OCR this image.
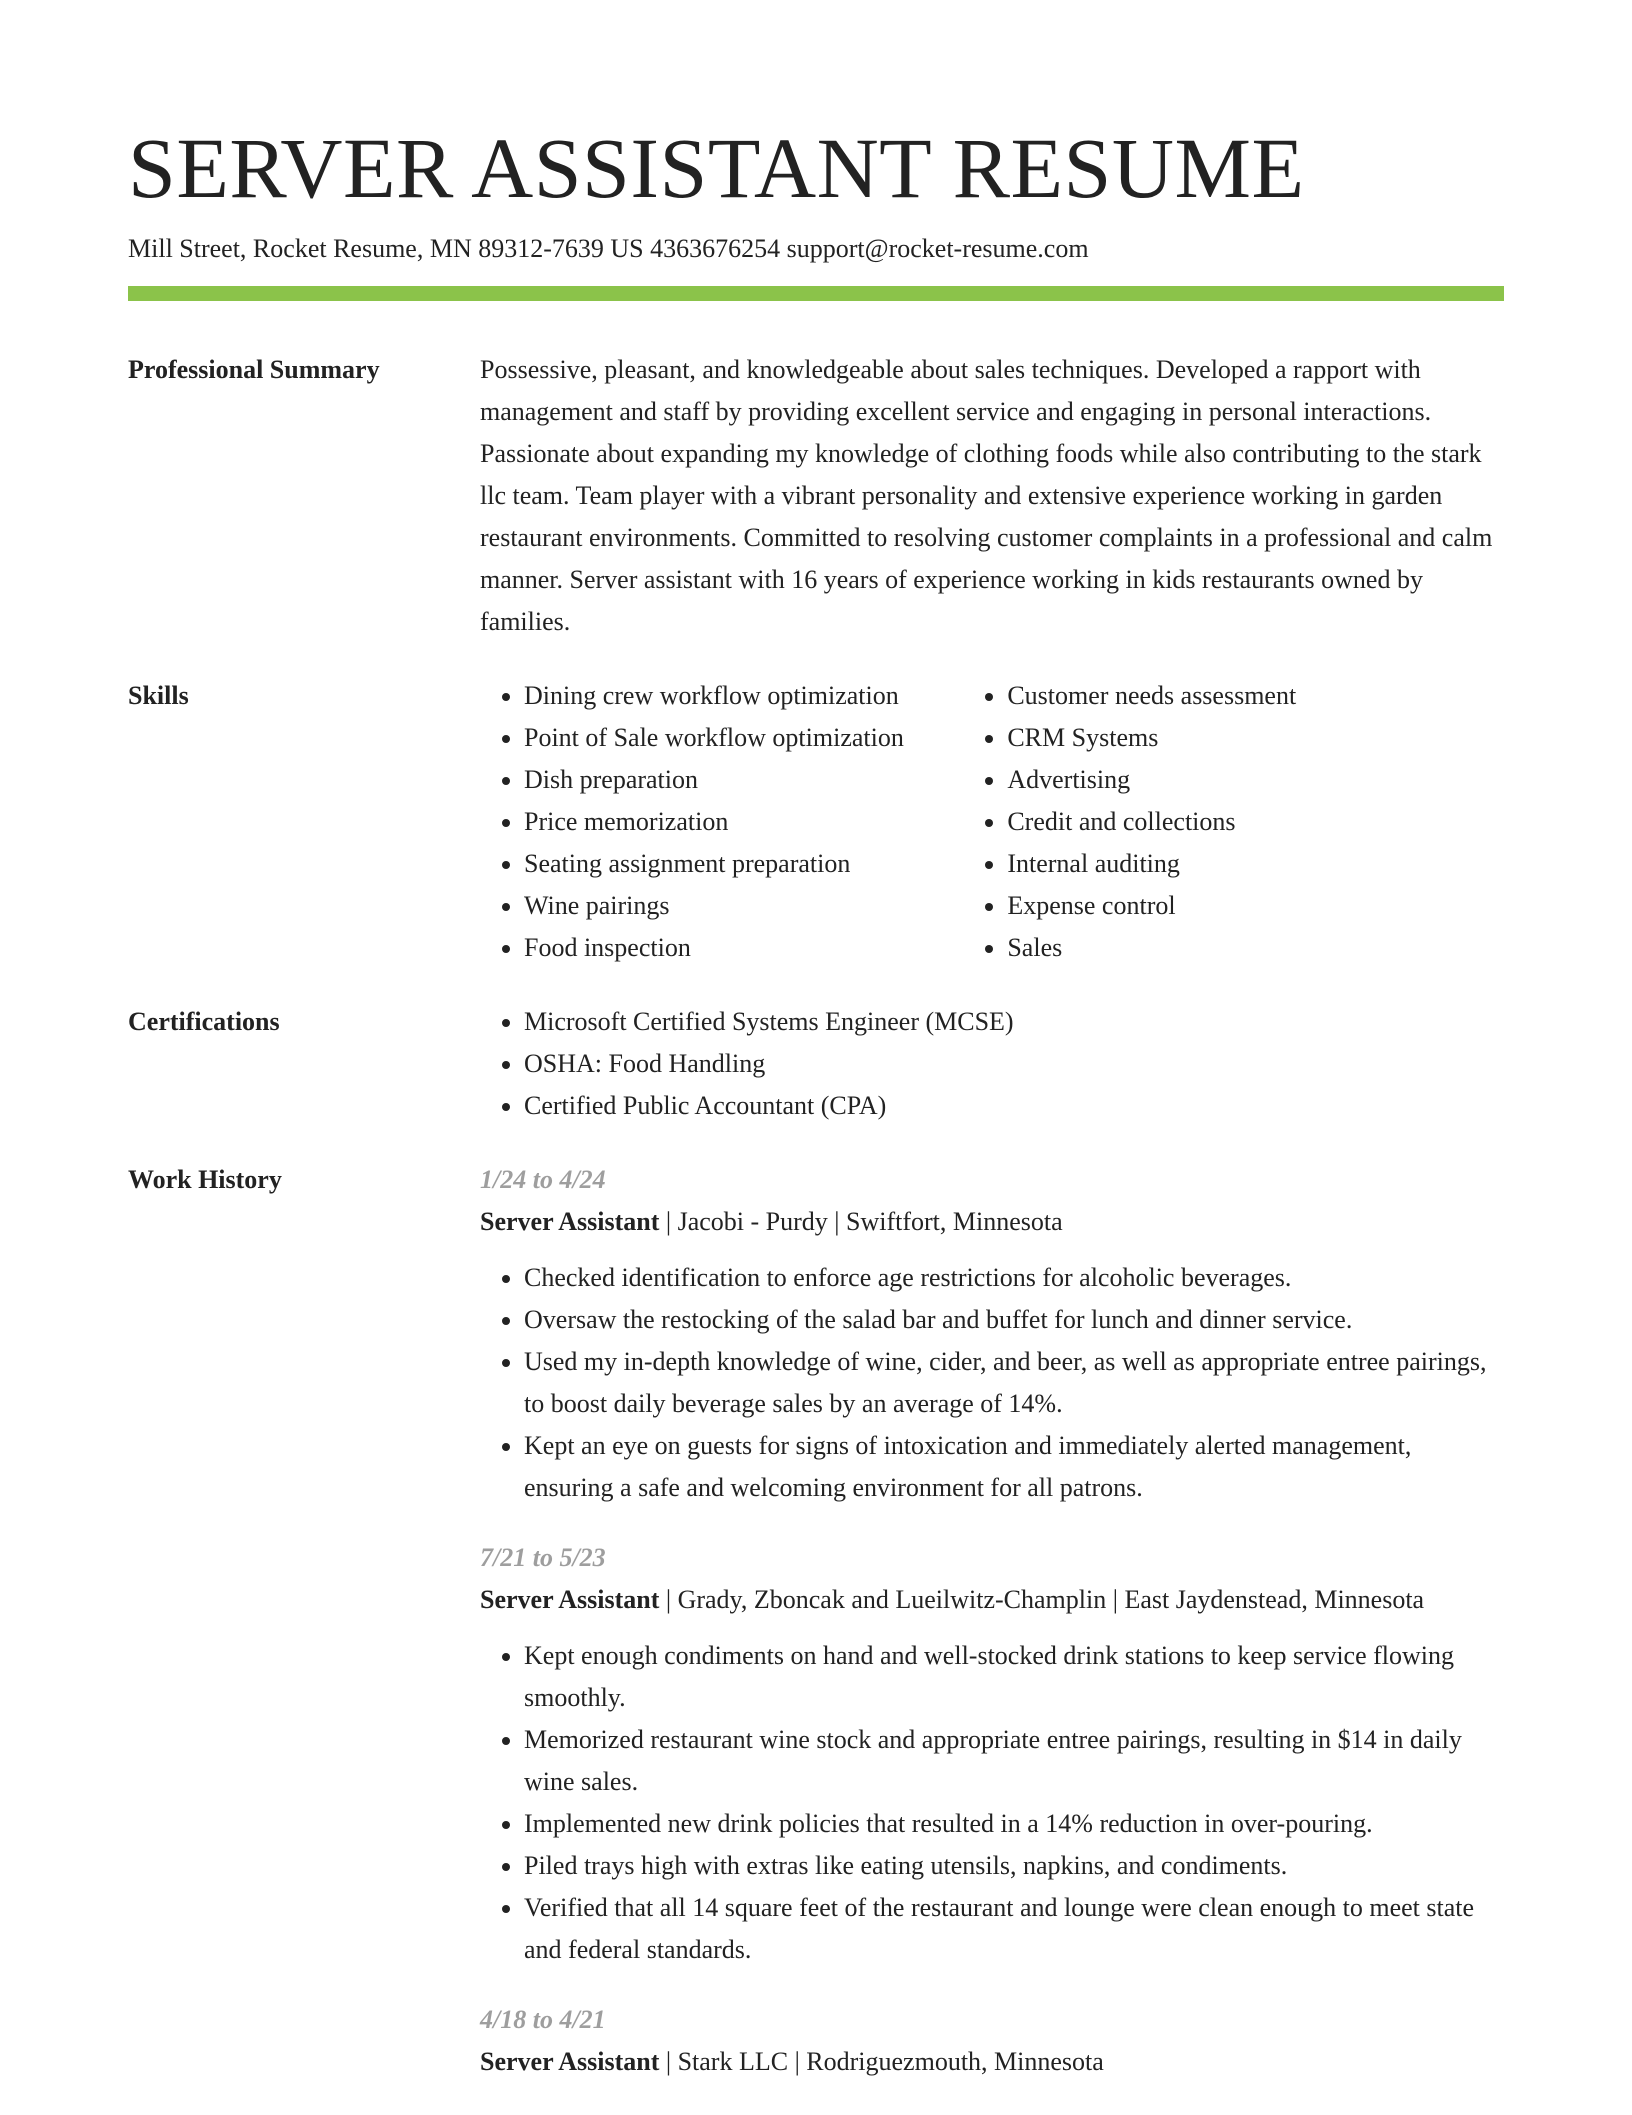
SERVER ASSISTANT RESUME
Mill Street, Rocket Resume, MN 89312-7639 US 4363676254 support@rocket-resume.com
Professional Summary	Possessive, pleasant, and knowledgeable about sales techniques. Developed a rapport with management and staff by providing excellent service and engaging in personal interactions. Passionate about expanding my knowledge of clothing foods while also contributing to the stark llc team. Team player with a vibrant personality and extensive experience working in garden restaurant environments. Committed to resolving customer complaints in a professional and calm manner. Server assistant with 16 years of experience working in kids restaurants owned by families.

Skills	• Dining crew workflow optimization
• Point of Sale workflow optimization
• Dish preparation
• Price memorization
• Seating assignment preparation
• Wine pairings
• Food inspection
• Customer needs assessment
• CRM Systems
• Advertising
• Credit and collections
• Internal auditing
• Expense control
• Sales
Certifications	• Microsoft Certified Systems Engineer (MCSE)
• OSHA: Food Handling
• Certified Public Accountant (CPA)
Work History	1/24 to 4/24
Server Assistant | Jacobi - Purdy | Swiftfort, Minnesota
• Checked identification to enforce age restrictions for alcoholic beverages.
• Oversaw the restocking of the salad bar and buffet for lunch and dinner service.
• Used my in-depth knowledge of wine, cider, and beer, as well as appropriate entree pairings, to boost daily beverage sales by an average of 14%.
• Kept an eye on guests for signs of intoxication and immediately alerted management, ensuring a safe and welcoming environment for all patrons.
7/21 to 5/23
Server Assistant | Grady, Zboncak and Lueilwitz-Champlin | East Jaydenstead, Minnesota
• Kept enough condiments on hand and well-stocked drink stations to keep service flowing smoothly.
• Memorized restaurant wine stock and appropriate entree pairings, resulting in $14 in daily wine sales.
• Implemented new drink policies that resulted in a 14% reduction in over-pouring.
• Piled trays high with extras like eating utensils, napkins, and condiments.
• Verified that all 14 square feet of the restaurant and lounge were clean enough to meet state and federal standards.
4/18 to 4/21
Server Assistant | Stark LLC | Rodriguezmouth, Minnesota
